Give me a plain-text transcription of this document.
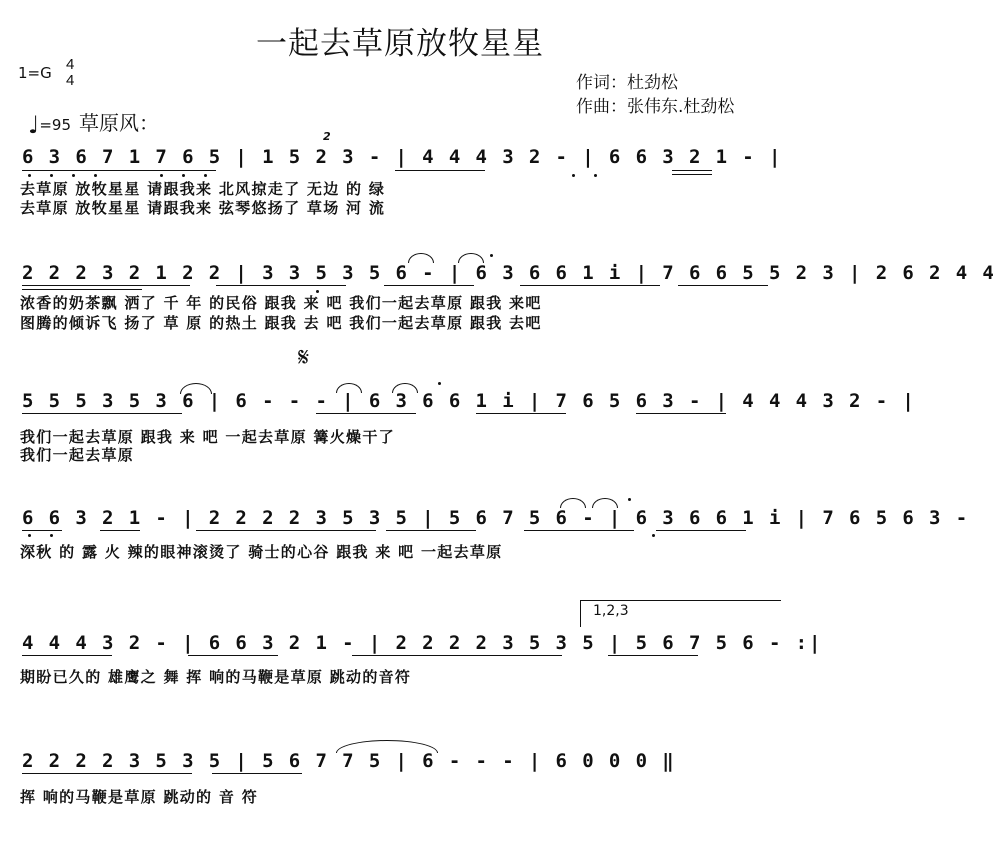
一起去草原放牧星星
1=G 4
4	作词：杜劲松
作曲：张伟东.杜劲松
♩=95 草原风：
6 3 6 7 1 7 6 5 | 1 5 2 3 - | 4 4 4 3 2 - | 6 6 3 2 1 - |
去草原 放牧星星 请跟我来 北风掠走了 无边 的 绿
去草原 放牧星星 请跟我来 弦琴悠扬了 草场 河 流
2
2 2 2 3 2 1 2 2 | 3 3 5 3 5 6 - | 6 3 6 6 1 i | 7 6 6 5 5 2 3 | 2 6 2 4 4
浓香的奶茶飘 洒了 千 年 的民俗 跟我 来 吧 我们一起去草原 跟我 来吧
图腾的倾诉飞 扬了 草 原 的热土 跟我 去 吧 我们一起去草原 跟我 去吧
𝄋
5 5 5 3 5 3 6 | 6 - - - | 6 3 6 6 1 i | 7 6 5 6 3 - | 4 4 4 3 2 - |
我们一起去草原 跟我 来 吧 一起去草原 篝火燥干了
我们一起去草原
6 6 3 2 1 - | 2 2 2 2 3 5 3 5 | 5 6 7 5 6 - | 6 3 6 6 1 i | 7 6 5 6 3 -
深秋 的 露 火 辣的眼神滚烫了 骑士的心谷 跟我 来 吧 一起去草原
1,2,3
4 4 4 3 2 - | 6 6 3 2 1 - | 2 2 2 2 3 5 3 5 | 5 6 7 5 6 - :|
期盼已久的 雄鹰之 舞 挥 响的马鞭是草原 跳动的音符
2 2 2 2 3 5 3 5 | 5 6 7 7 5 | 6 - - - | 6 0 0 0 ‖
挥 响的马鞭是草原 跳动的 音 符
